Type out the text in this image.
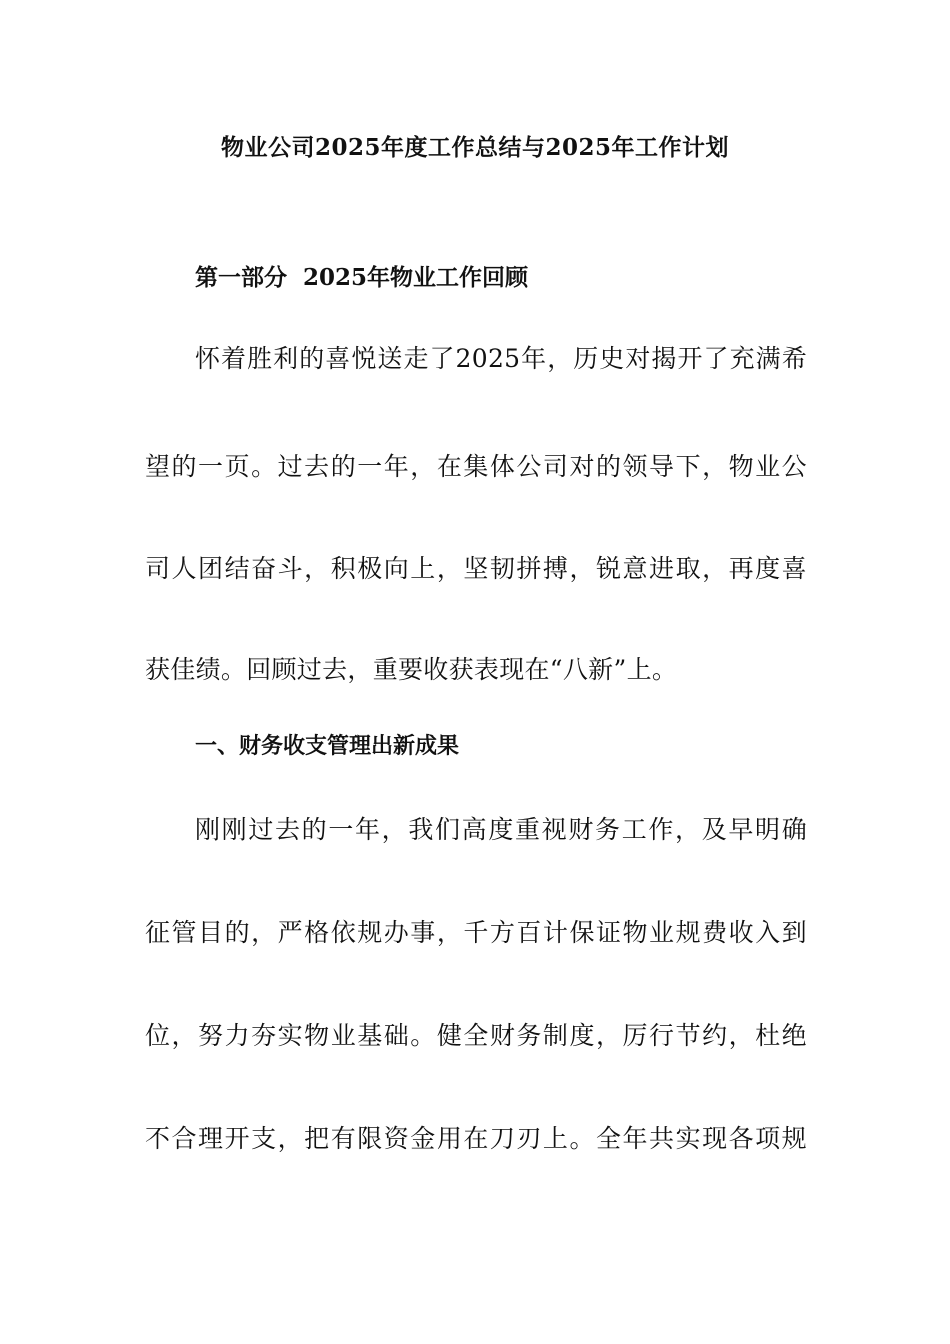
物业公司2025年度工作总结与2025年工作计划
第一部分  2025年物业工作回顾
怀着胜利的喜悦送走了2025年，历史对揭开了充满希
望的一页。过去的一年，在集体公司对的领导下，物业公
司人团结奋斗，积极向上，坚韧拼搏，锐意进取，再度喜
获佳绩。回顾过去，重要收获表现在“八新”上。
一、财务收支管理出新成果
刚刚过去的一年，我们高度重视财务工作，及早明确
征管目的，严格依规办事，千方百计保证物业规费收入到
位，努力夯实物业基础。健全财务制度，厉行节约，杜绝
不合理开支，把有限资金用在刀刃上。全年共实现各项规
